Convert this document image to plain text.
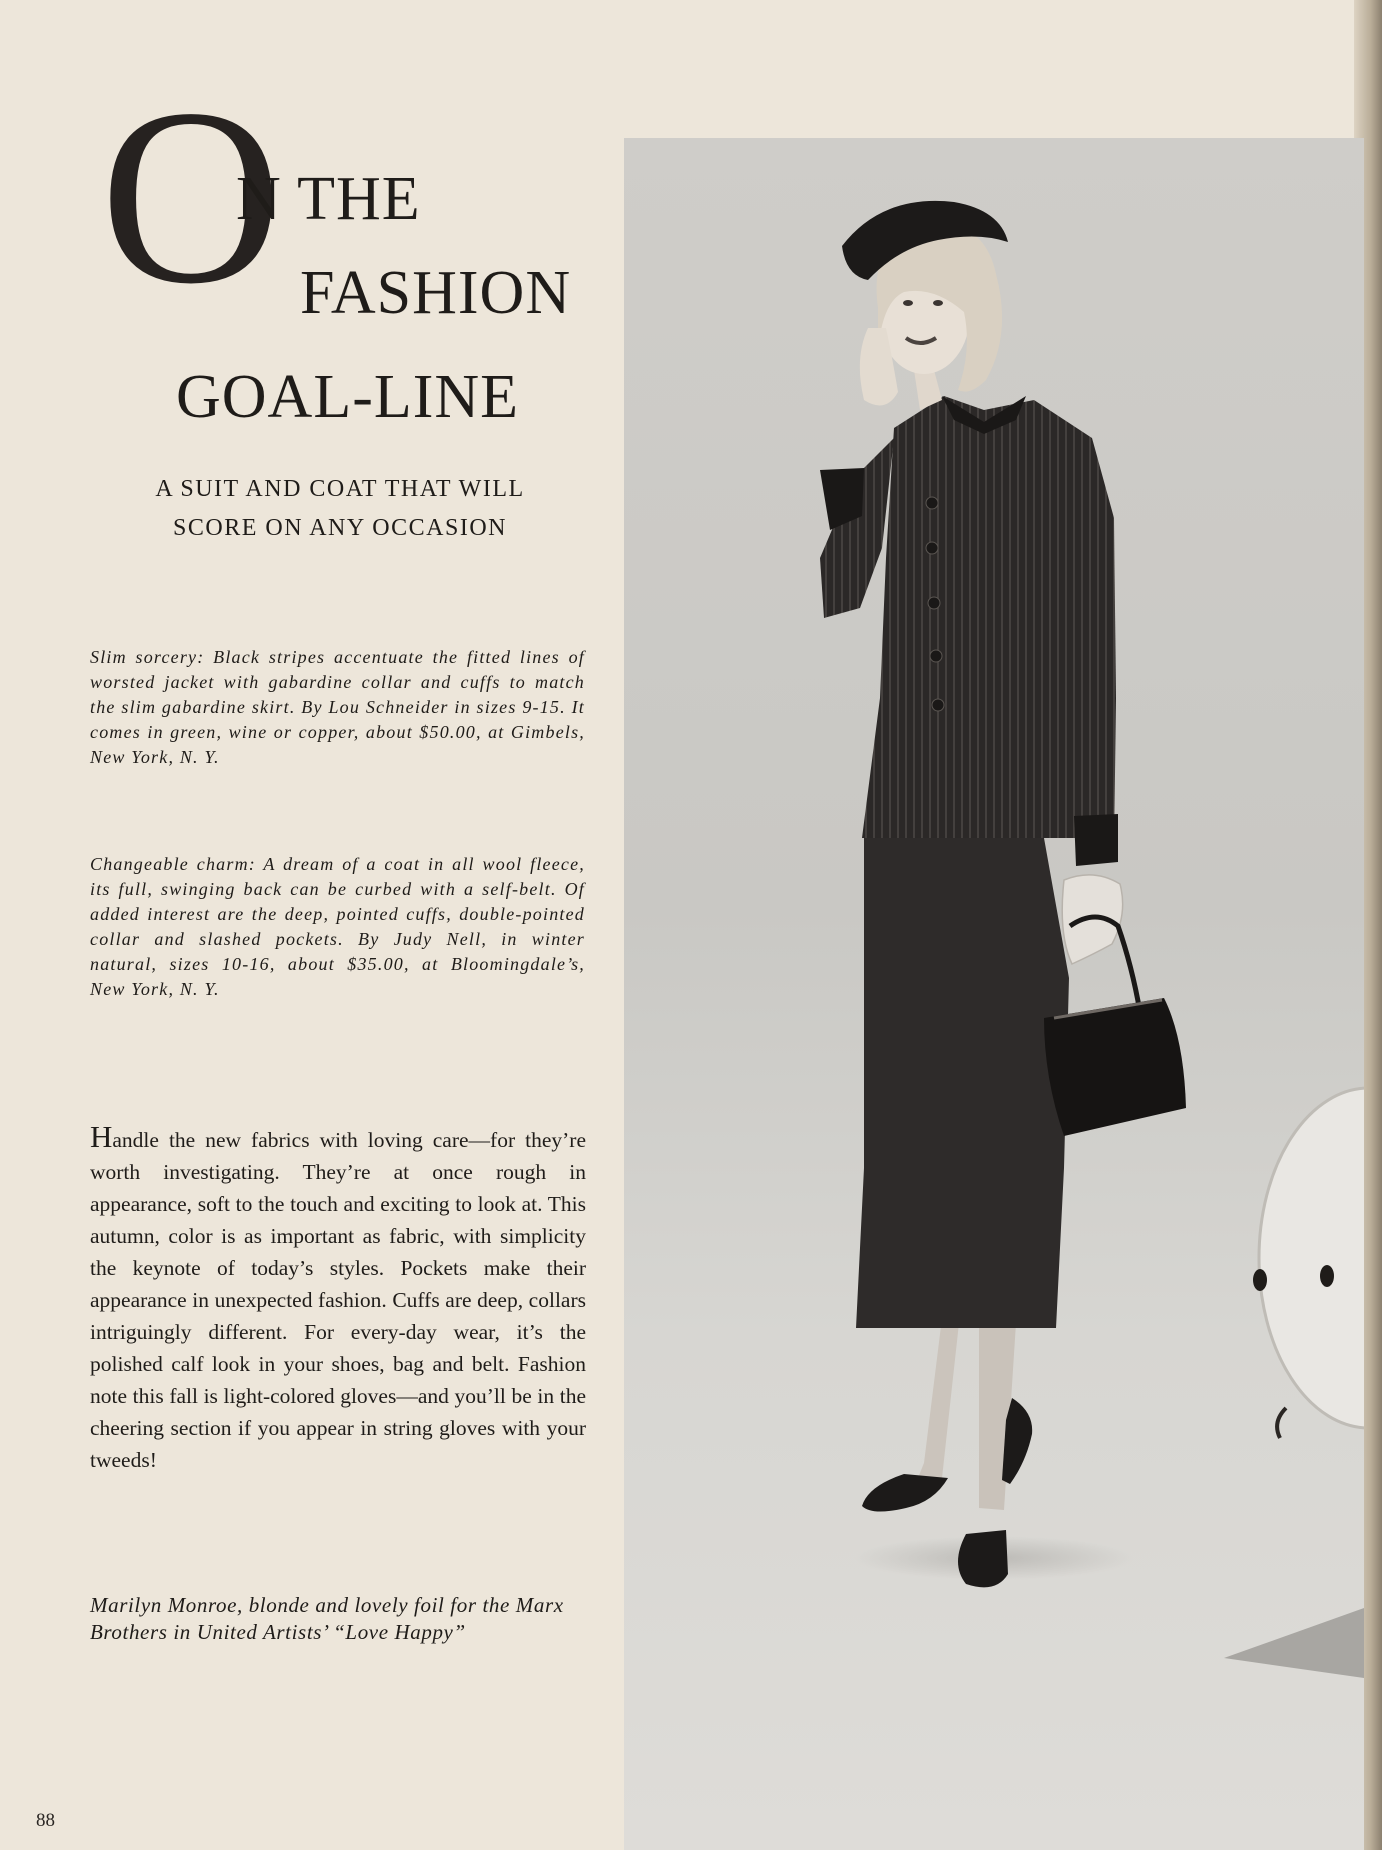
O
N THE
FASHION
GOAL-LINE
A SUIT AND COAT THAT WILL
SCORE ON ANY OCCASION

Slim sorcery: Black stripes accentuate the fitted lines of worsted jacket with gabardine collar and cuffs to match the slim gabardine skirt. By Lou Schneider in sizes 9-15. It comes in green, wine or copper, about $50.00, at Gimbels, New York, N. Y.

Changeable charm: A dream of a coat in all wool fleece, its full, swinging back can be curbed with a self-belt. Of added interest are the deep, pointed cuffs, double-pointed collar and slashed pockets. By Judy Nell, in winter natural, sizes 10-16, about $35.00, at Bloomingdale’s, New York, N. Y.

Handle the new fabrics with loving care—for they’re worth investigating. They’re at once rough in appearance, soft to the touch and exciting to look at. This autumn, color is as important as fabric, with simplicity the keynote of today’s styles. Pockets make their appearance in unexpected fashion. Cuffs are deep, collars intriguingly different. For every-day wear, it’s the polished calf look in your shoes, bag and belt. Fashion note this fall is light-colored gloves—and you’ll be in the cheering section if you appear in string gloves with your tweeds!

Marilyn Monroe, blonde and lovely foil for the Marx Brothers in United Artists’ “Love Happy”

88
